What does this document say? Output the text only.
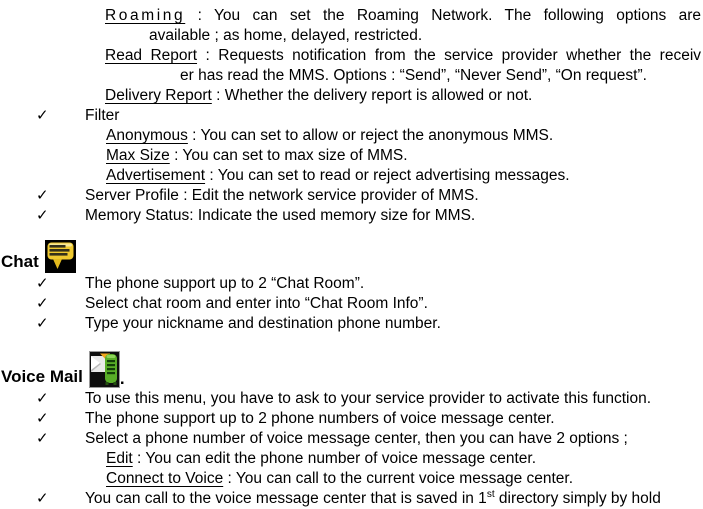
Roaming : You can set the Roaming Network. The following options are
available ; as home, delayed, restricted.
Read Report : Requests notification from the service provider whether the receiv
er has read the MMS. Options : “Send”, “Never Send”, “On request”.
Delivery Report : Whether the delivery report is allowed or not.
✓ Filter
Anonymous : You can set to allow or reject the anonymous MMS.
Max Size : You can set to max size of MMS.
Advertisement : You can set to read or reject advertising messages.
✓ Server Profile : Edit the network service provider of MMS.
✓ Memory Status: Indicate the used memory size for MMS.
Chat
✓ The phone support up to 2 “Chat Room”.
✓ Select chat room and enter into “Chat Room Info”.
✓ Type your nickname and destination phone number.
Voice Mail .
✓ To use this menu, you have to ask to your service provider to activate this function.
✓ The phone support up to 2 phone numbers of voice message center.
✓ Select a phone number of voice message center, then you can have 2 options ;
Edit : You can edit the phone number of voice message center.
Connect to Voice : You can call to the current voice message center.
✓ You can call to the voice message center that is saved in 1st directory simply by hold
